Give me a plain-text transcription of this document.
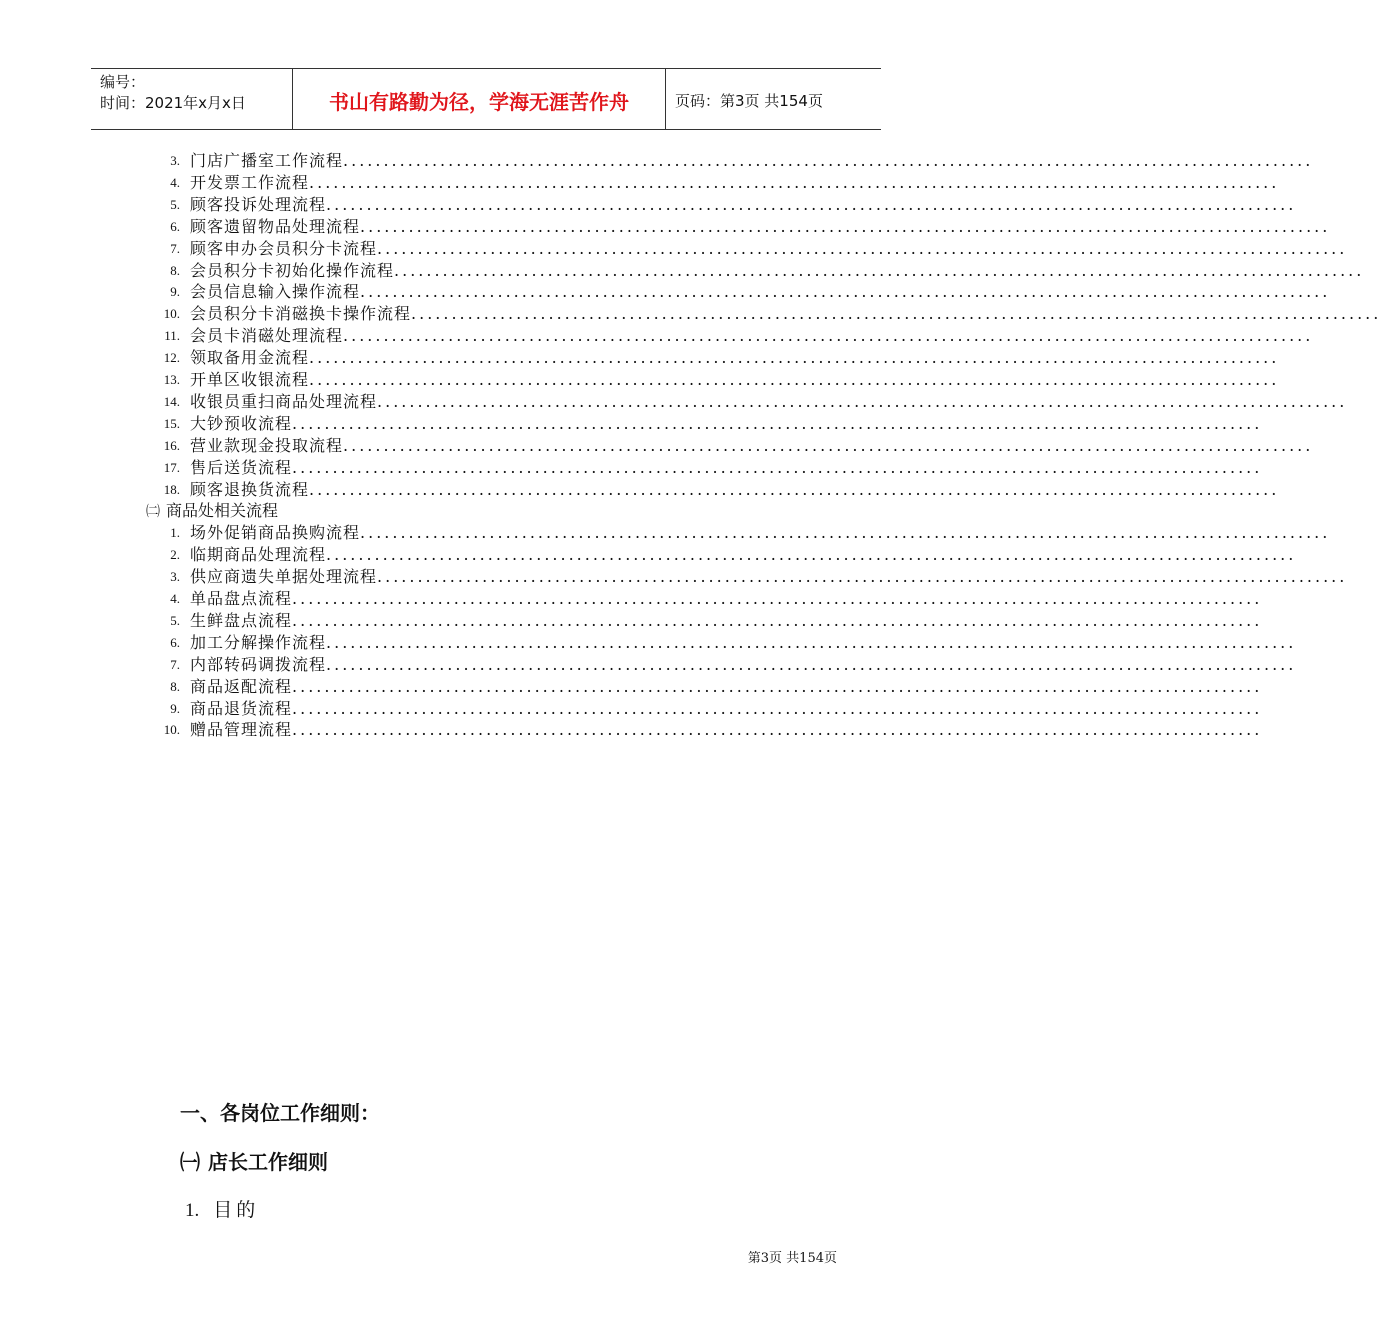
编号：
时间：2021年x月x日	书山有路勤为径，学海无涯苦作舟	页码：第3页 共154页
3. 门店广播室工作流程........................................................................................................................
4. 开发票工作流程........................................................................................................................
5. 顾客投诉处理流程........................................................................................................................
6. 顾客遗留物品处理流程........................................................................................................................
7. 顾客申办会员积分卡流程........................................................................................................................
8. 会员积分卡初始化操作流程........................................................................................................................
9. 会员信息输入操作流程........................................................................................................................
10. 会员积分卡消磁换卡操作流程........................................................................................................................
11. 会员卡消磁处理流程........................................................................................................................
12. 领取备用金流程........................................................................................................................
13. 开单区收银流程........................................................................................................................
14. 收银员重扫商品处理流程........................................................................................................................
15. 大钞预收流程........................................................................................................................
16. 营业款现金投取流程........................................................................................................................
17. 售后送货流程........................................................................................................................
18. 顾客退换货流程........................................................................................................................
㈡ 商品处相关流程
1. 场外促销商品换购流程........................................................................................................................
2. 临期商品处理流程........................................................................................................................
3. 供应商遗失单据处理流程........................................................................................................................
4. 单品盘点流程........................................................................................................................
5. 生鲜盘点流程........................................................................................................................
6. 加工分解操作流程........................................................................................................................
7. 内部转码调拨流程........................................................................................................................
8. 商品返配流程........................................................................................................................
9. 商品退货流程........................................................................................................................
10. 赠品管理流程........................................................................................................................
一、各岗位工作细则：
㈠ 店长工作细则
1. 目的
第3页 共154页
